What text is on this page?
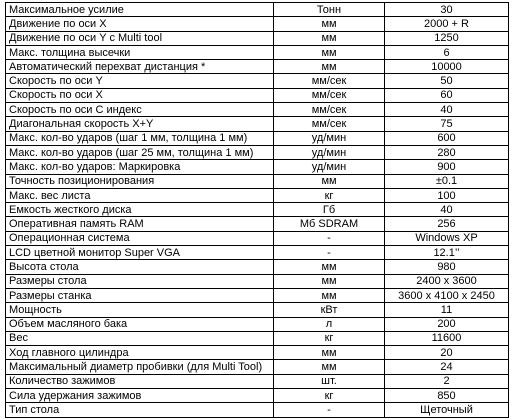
Максимальное усилие	Тонн	30
Движение по оси X	мм	2000 + R
Движение по оси Y с Multi tool	мм	1250
Макс. толщина высечки	мм	6
Автоматический перехват дистанция *	мм	10000
Скорость по оси Y	мм/сек	50
Скорость по оси X	мм/сек	60
Скорость по оси C индекс	мм/сек	40
Диагональная скорость X+Y	мм/сек	75
Макс. кол-во ударов (шаг 1 мм, толщина 1 мм)	уд/мин	600
Макс. кол-во ударов (шаг 25 мм, толщина 1 мм)	уд/мин	280
Макс. кол-во ударов: Маркировка	уд/мин	900
Точность позиционирования	мм	±0.1
Макс. вес листа	кг	100
Емкость жесткого диска	Гб	40
Оперативная память RAM	Мб SDRAM	256
Операционная система	-	Windows XP
LCD цветной монитор Super VGA	-	12.1’’
Высота стола	мм	980
Размеры стола	мм	2400 x 3600
Размеры станка	мм	3600 x 4100 x 2450
Мощность	кВт	11
Объем масляного бака	л	200
Вес	кг	11600
Ход главного цилиндра	мм	20
Максимальный диаметр пробивки (для Multi Tool)	мм	24
Количество зажимов	шт.	2
Сила удержания зажимов	кг	850
Тип стола	-	Щеточный
